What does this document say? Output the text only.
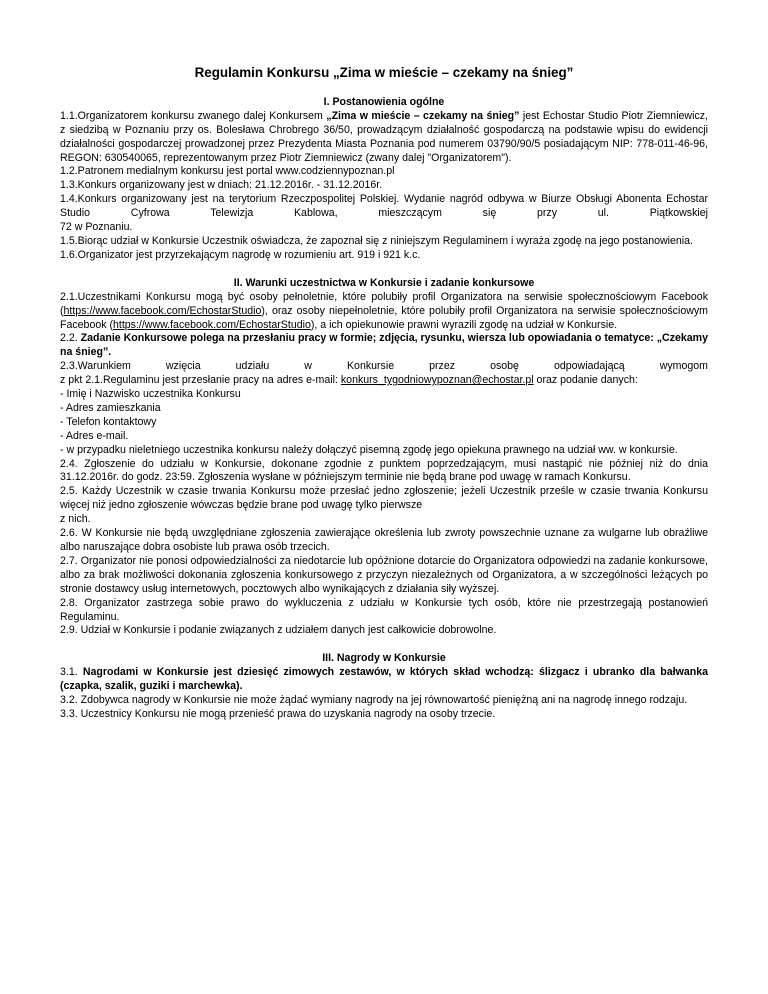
Regulamin Konkursu „Zima w mieście – czekamy na śnieg”
I. Postanowienia ogólne

1.1.Organizatorem konkursu zwanego dalej Konkursem „Zima w mieście – czekamy na śnieg” jest Echostar Studio Piotr Ziemniewicz, z siedzibą w Poznaniu przy os. Bolesława Chrobrego 36/50, prowadzącym działalność gospodarczą na podstawie wpisu do ewidencji działalności gospodarczej prowadzonej przez Prezydenta Miasta Poznania pod numerem 03790/90/5 posiadającym NIP: 778-011-46-96, REGON: 630540065, reprezentowanym przez Piotr Ziemniewicz (zwany dalej "Organizatorem").

1.2.Patronem medialnym konkursu jest portal www.codziennypoznan.pl

1.3.Konkurs organizowany jest w dniach: 21.12.2016r. - 31.12.2016r.

1.4.Konkurs organizowany jest na terytorium Rzeczpospolitej Polskiej. Wydanie nagród odbywa w Biurze Obsługi Abonenta Echostar Studio Cyfrowa Telewizja Kablowa, mieszczącym się przy ul. Piątkowskiej

72 w Poznaniu.

1.5.Biorąc udział w Konkursie Uczestnik oświadcza, że zapoznał się z niniejszym Regulaminem i wyraża zgodę na jego postanowienia.

1.6.Organizator jest przyrzekającym nagrodę w rozumieniu art. 919 i 921 k.c.

II. Warunki uczestnictwa w Konkursie i zadanie konkursowe

2.1.Uczestnikami Konkursu mogą być osoby pełnoletnie, które polubiły profil Organizatora na serwisie społecznościowym Facebook (https://www.facebook.com/EchostarStudio), oraz osoby niepełnoletnie, które polubiły profil Organizatora na serwisie społecznościowym Facebook (https://www.facebook.com/EchostarStudio), a ich opiekunowie prawni wyrazili zgodę na udział w Konkursie.

2.2. Zadanie Konkursowe polega na przesłaniu pracy w formie; zdjęcia, rysunku, wiersza lub opowiadania o tematyce: „Czekamy na śnieg”.

2.3.Warunkiem wzięcia udziału w Konkursie przez osobę odpowiadającą wymogom

z pkt 2.1.Regulaminu jest przesłanie pracy na adres e-mail: konkurs_tygodniowypoznan@echostar.pl oraz podanie danych:

- Imię i Nazwisko uczestnika Konkursu

- Adres zamieszkania

- Telefon kontaktowy

- Adres e-mail.

- w przypadku nieletniego uczestnika konkursu należy dołączyć pisemną zgodę jego opiekuna prawnego na udział ww. w konkursie.

2.4. Zgłoszenie do udziału w Konkursie, dokonane zgodnie z punktem poprzedzającym, musi nastąpić nie później niż do dnia 31.12.2016r. do godz. 23:59. Zgłoszenia wysłane w późniejszym terminie nie będą brane pod uwagę w ramach Konkursu.

2.5. Każdy Uczestnik w czasie trwania Konkursu może przesłać jedno zgłoszenie; jeżeli Uczestnik prześle w czasie trwania Konkursu więcej niż jedno zgłoszenie wówczas będzie brane pod uwagę tylko pierwsze

z nich.

2.6. W Konkursie nie będą uwzględniane zgłoszenia zawierające określenia lub zwroty powszechnie uznane za wulgarne lub obraźliwe albo naruszające dobra osobiste lub prawa osób trzecich.

2.7. Organizator nie ponosi odpowiedzialności za niedotarcie lub opóźnione dotarcie do Organizatora odpowiedzi na zadanie konkursowe, albo za brak możliwości dokonania zgłoszenia konkursowego z przyczyn niezależnych od Organizatora, a w szczególności leżących po stronie dostawcy usług internetowych, pocztowych albo wynikających z działania siły wyższej.

2.8. Organizator zastrzega sobie prawo do wykluczenia z udziału w Konkursie tych osób, które nie przestrzegają postanowień Regulaminu.

2.9. Udział w Konkursie i podanie związanych z udziałem danych jest całkowicie dobrowolne.

III. Nagrody w Konkursie

3.1. Nagrodami w Konkursie jest dziesięć zimowych zestawów, w których skład wchodzą: ślizgacz i ubranko dla bałwanka (czapka, szalik, guziki i marchewka).

3.2. Zdobywca nagrody w Konkursie nie może żądać wymiany nagrody na jej równowartość pieniężną ani na nagrodę innego rodzaju.

3.3. Uczestnicy Konkursu nie mogą przenieść prawa do uzyskania nagrody na osoby trzecie.
